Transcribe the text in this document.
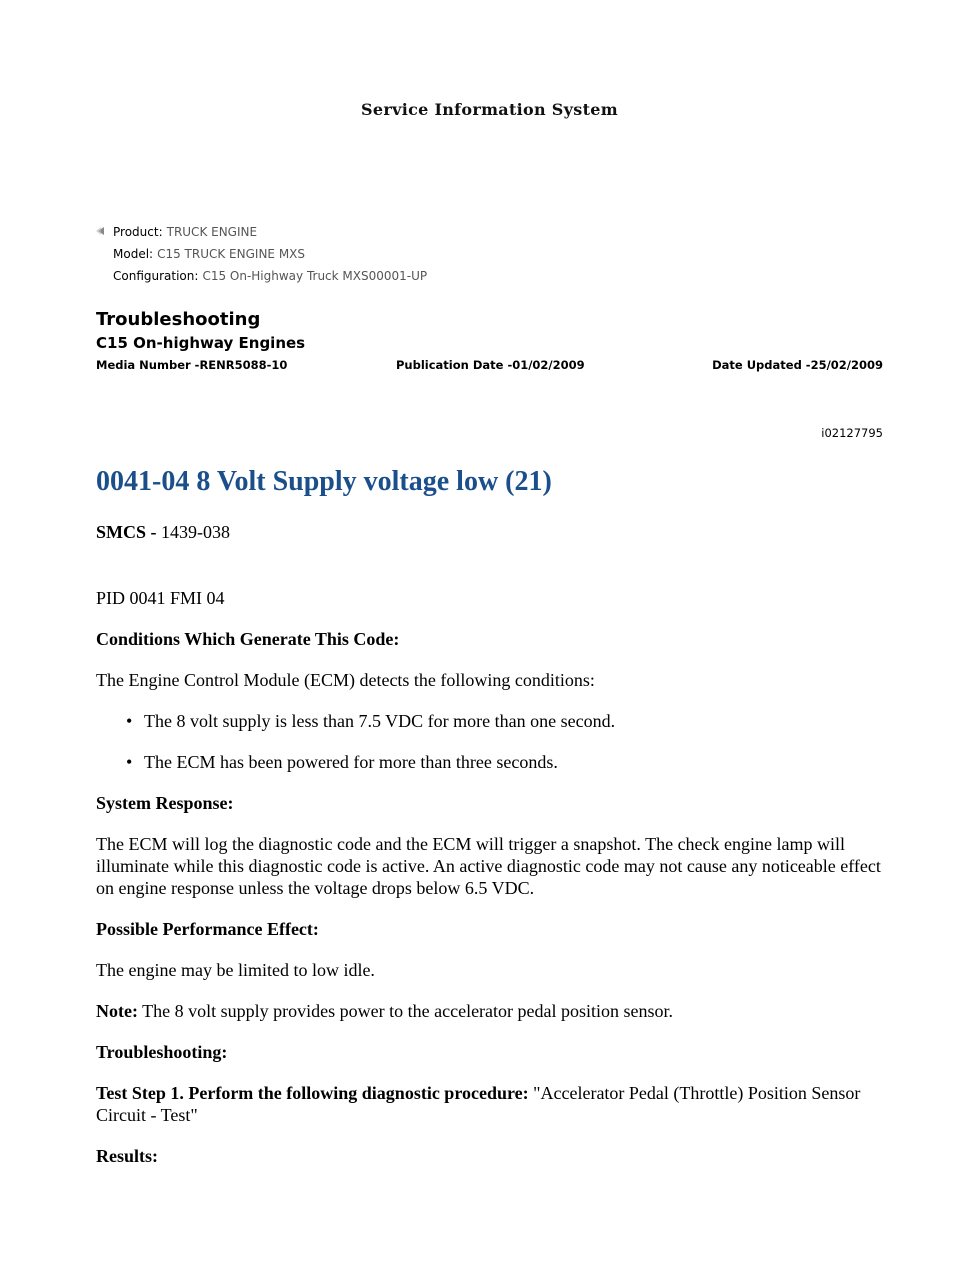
Service Information System
Product: TRUCK ENGINE
Model: C15 TRUCK ENGINE MXS
Configuration: C15 On-Highway Truck MXS00001-UP
Troubleshooting
C15 On-highway Engines
Media Number -RENR5088-10	Publication Date -01/02/2009	Date Updated -25/02/2009
i02127795
0041-04 8 Volt Supply voltage low (21)

SMCS - 1439-038

PID 0041 FMI 04

Conditions Which Generate This Code:

The Engine Control Module (ECM) detects the following conditions:

• The 8 volt supply is less than 7.5 VDC for more than one second.
• The ECM has been powered for more than three seconds.

System Response:

The ECM will log the diagnostic code and the ECM will trigger a snapshot. The check engine lamp will illuminate while this diagnostic code is active. An active diagnostic code may not cause any noticeable effect on engine response unless the voltage drops below 6.5 VDC.

Possible Performance Effect:

The engine may be limited to low idle.

Note: The 8 volt supply provides power to the accelerator pedal position sensor.

Troubleshooting:

Test Step 1. Perform the following diagnostic procedure: "Accelerator Pedal (Throttle) Position Sensor Circuit - Test"

Results:
